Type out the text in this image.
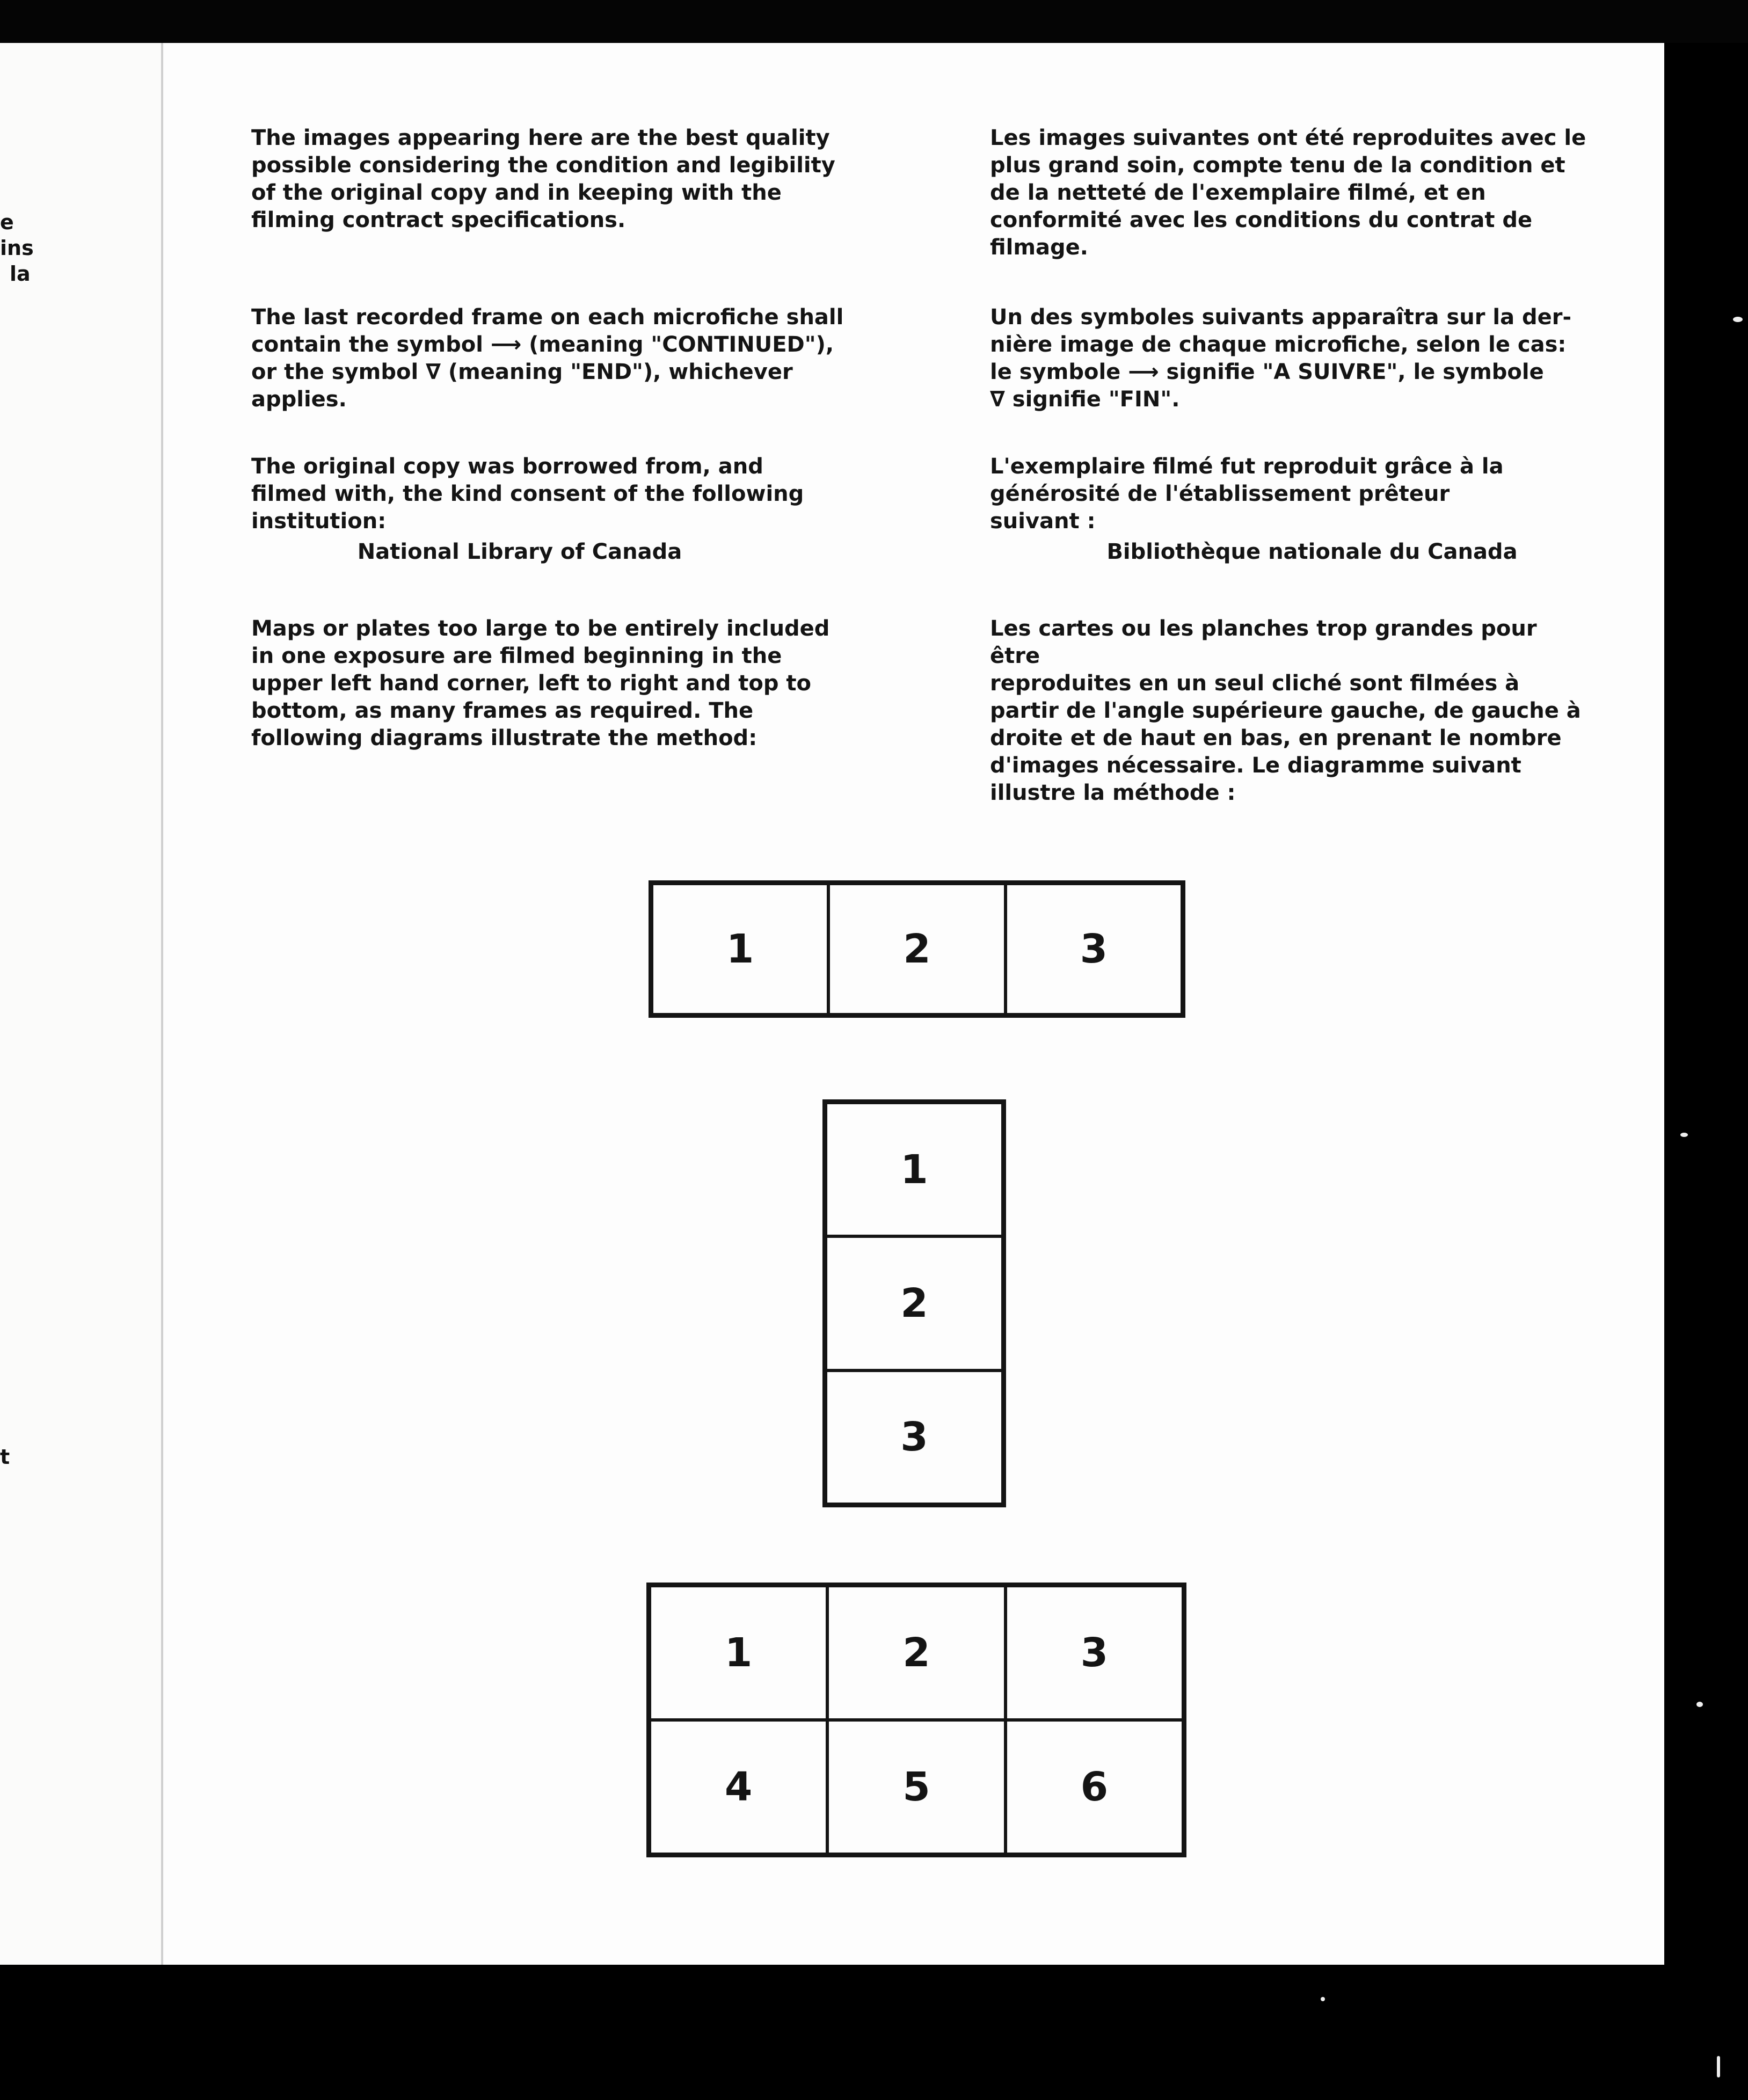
e
ins
la
t

The images appearing here are the best quality
possible considering the condition and legibility
of the original copy and in keeping with the
filming contract specifications.

The last recorded frame on each microfiche shall
contain the symbol ⟶ (meaning "CONTINUED"),
or the symbol ∇ (meaning "END"), whichever
applies.

The original copy was borrowed from, and
filmed with, the kind consent of the following
institution:

National Library of Canada

Maps or plates too large to be entirely included
in one exposure are filmed beginning in the
upper left hand corner, left to right and top to
bottom, as many frames as required. The
following diagrams illustrate the method:

Les images suivantes ont été reproduites avec le
plus grand soin, compte tenu de la condition et
de la netteté de l'exemplaire filmé, et en
conformité avec les conditions du contrat de
filmage.

Un des symboles suivants apparaîtra sur la der-
nière image de chaque microfiche, selon le cas:
le symbole ⟶ signifie "A SUIVRE", le symbole
∇ signifie "FIN".

L'exemplaire filmé fut reproduit grâce à la
générosité de l'établissement prêteur
suivant :

Bibliothèque nationale du Canada

Les cartes ou les planches trop grandes pour être
reproduites en un seul cliché sont filmées à
partir de l'angle supérieure gauche, de gauche à
droite et de haut en bas, en prenant le nombre
d'images nécessaire. Le diagramme suivant
illustre la méthode :

1	2	3
1
2
3
1	2	3
4	5	6
